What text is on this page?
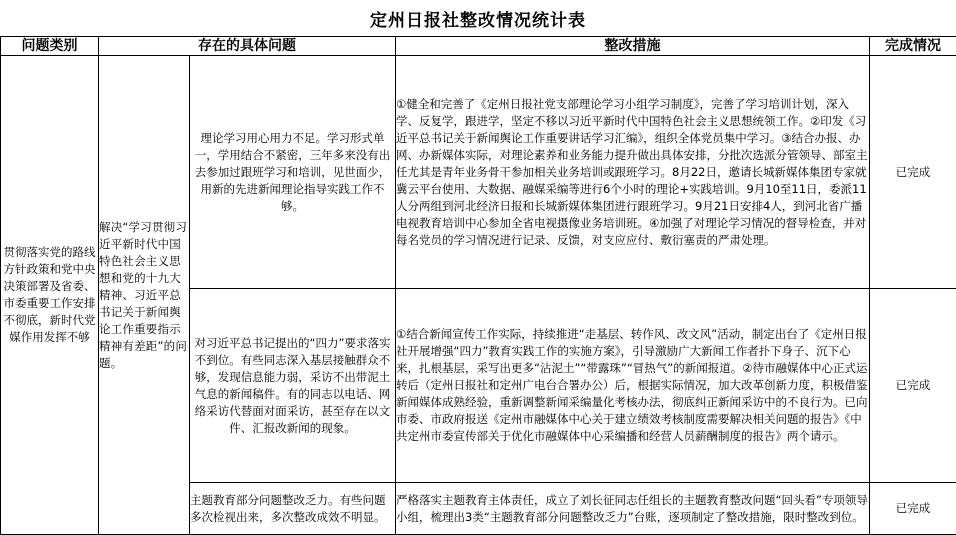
定州日报社整改情况统计表
问题类别	存在的具体问题		整改措施	完成情况
贯彻落实党的路线方针政策和党中央决策部署及省委、市委重要工作安排不彻底，新时代党媒作用发挥不够	解决“学习贯彻习近平新时代中国特色社会主义思想和党的十九大精神、习近平总书记关于新闻舆论工作重要指示精神有差距”的问题。	理论学习用心用力不足。学习形式单一，学用结合不紧密，三年多来没有出去参加过跟班学习和培训，见世面少，用新的先进新闻理论指导实践工作不够。	①健全和完善了《定州日报社党支部理论学习小组学习制度》，完善了学习培训计划，深入学、反复学，跟进学，坚定不移以习近平新时代中国特色社会主义思想统领工作。②印发《习近平总书记关于新闻舆论工作重要讲话学习汇编》，组织全体党员集中学习。③结合办报、办网、办新媒体实际，对理论素养和业务能力提升做出具体安排，分批次选派分管领导、部室主任尤其是青年业务骨干参加相关业务培训或跟班学习。8月22日，邀请长城新媒体集团专家就冀云平台使用、大数据、融媒采编等进行6个小时的理论+实践培训。9月10至11日，委派11人分两组到河北经济日报和长城新媒体集团进行跟班学习。9月21日安排4人，到河北省广播电视教育培训中心参加全省电视摄像业务培训班。④加强了对理论学习情况的督导检查，并对每名党员的学习情况进行记录、反馈，对支应应付、敷衍塞责的严肃处理。	已完成
		对习近平总书记提出的“四力”要求落实不到位。有些同志深入基层接触群众不够，发现信息能力弱，采访不出带泥土气息的新闻稿件。有的同志以电话、网络采访代替面对面采访，甚至存在以文件、汇报改新闻的现象。	①结合新闻宣传工作实际，持续推进“走基层、转作风、改文风”活动，制定出台了《定州日报社开展增强“四力”教育实践工作的实施方案》，引导激励广大新闻工作者扑下身子、沉下心来，扎根基层，采写出更多“沾泥土”“带露珠”“冒热气”的新闻报道。②待市融媒体中心正式运转后（定州日报社和定州广电台合署办公）后，根据实际情况，加大改革创新力度，积极借鉴新闻媒体成熟经验，重新调整新闻采编量化考核办法，彻底纠正新闻采访中的不良行为。已向市委、市政府报送《定州市融媒体中心关于建立绩效考核制度需要解决相关问题的报告》《中共定州市委宣传部关于优化市融媒体中心采编播和经营人员薪酬制度的报告》两个请示。	已完成
		主题教育部分问题整改乏力。有些问题多次检视出来，多次整改成效不明显。	严格落实主题教育主体责任，成立了刘长征同志任组长的主题教育整改问题“回头看”专项领导小组，梳理出3类“主题教育部分问题整改乏力”台账，逐项制定了整改措施，限时整改到位。	已完成
